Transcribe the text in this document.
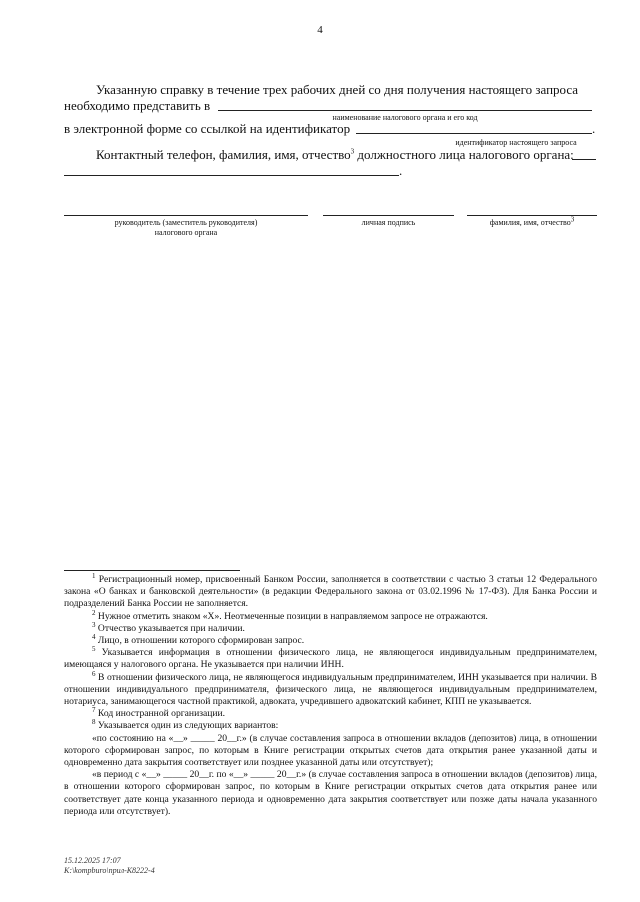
4
Указанную справку в течение трех рабочих дней со дня получения настоящего запроса
необходимо представить в
наименование налогового органа и его код
в электронной форме со ссылкой на идентификатор	.
идентификатор настоящего запроса
Контактный телефон, фамилия, имя, отчество$^3$ должностного лица налогового органа:
.
руководитель (заместитель руководителя)
налогового органа
личная подпись	фамилия, имя, отчество$^3$

$^1$ Регистрационный номер, присвоенный Банком России, заполняется в соответствии с частью 3 статьи 12 Федерального закона «О банках и банковской деятельности» (в редакции Федерального закона от 03.02.1996 № 17-ФЗ). Для Банка России и подразделений Банка России не заполняется.

$^2$ Нужное отметить знаком «Х». Неотмеченные позиции в направляемом запросе не отражаются.

$^3$ Отчество указывается при наличии.

$^4$ Лицо, в отношении которого сформирован запрос.

$^5$ Указывается информация в отношении физического лица, не являющегося индивидуальным предпринимателем, имеющаяся у налогового органа. Не указывается при наличии ИНН.

$^6$ В отношении физического лица, не являющегося индивидуальным предпринимателем, ИНН указывается при наличии. В отношении индивидуального предпринимателя, физического лица, не являющегося индивидуальным предпринимателем, нотариуса, занимающегося частной практикой, адвоката, учредившего адвокатский кабинет, КПП не указывается.

$^7$ Код иностранной организации.

$^8$ Указывается один из следующих вариантов:

«по состоянию на «__» _____ 20__г.» (в случае составления запроса в отношении вкладов (депозитов) лица, в отношении которого сформирован запрос, по которым в Книге регистрации открытых счетов дата открытия ранее указанной даты и одновременно дата закрытия соответствует или позднее указанной даты или отсутствует);

«в период с «__» _____ 20__г. по «__» _____ 20__г.» (в случае составления запроса в отношении вкладов (депозитов) лица, в отношении которого сформирован запрос, по которым в Книге регистрации открытых счетов дата открытия ранее или соответствует дате конца указанного периода и одновременно дата закрытия соответствует или позже даты начала указанного периода или отсутствует).

15.12.2025 17:07
K:\kompburo\прил-К8222-4
